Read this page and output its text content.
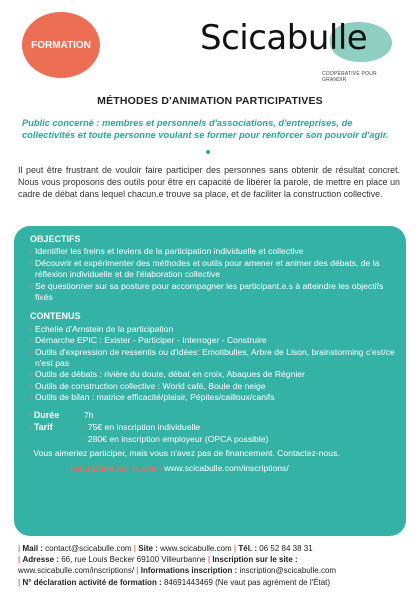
FORMATION	Scicabulle
COOPÉRATIVE POUR GRANDIR
MÉTHODES D'ANIMATION PARTICIPATIVES
Public concerné : membres et personnels d'associations, d'entreprises, de collectivités et toute personne voulant se former pour renforcer son pouvoir d'agir.
Il peut être frustrant de vouloir faire participer des personnes sans obtenir de résultat concret. Nous vous proposons des outils pour être en capacité de libérer la parole, de mettre en place un cadre de débat dans lequel chacun.e trouve sa place, et de faciliter la construction collective.
OBJECTIFS
• Identifier les freins et leviers de la participation individuelle et collective
• Découvrir et expérimenter des méthodes et outils pour amener et animer des débats, de la réflexion individuelle et de l'élaboration collective
• Se questionner sur sa posture pour accompagner les participant.e.s à atteindre les objectifs fixés
CONTENUS
• Echelle d'Arnstein de la participation
• Démarche EPIC : Exister - Participer - Interroger - Construire
• Outils d'expression de ressentis ou d'idées: Emotibulles, Arbre de Lison, brainstorming c'est/ce n'est pas
• Outils de débats : rivière du doute, débat en croix, Abaques de Régnier
• Outils de construction collective : World café, Boule de neige
• Outils de bilan : matrice efficacité/plaisir, Pépites/cailloux/canifs
•Durée	7h
•Tarif	•75€ en inscription individuelle
•280€ en inscription employeur (OPCA possible)
*Vous aimeriez participer, mais vous n'avez pas de financement. Contactez-nous.
Inscription sur le site : www.scicabulle.com/inscriptions/
| Mail : contact@scicabulle.com | Site : www.scicabulle.com | Tél. : 06 52 84 38 31
| Adresse : 66, rue Louis Becker 69100 Villeurbanne | Inscription sur le site : www.scicabulle.com/inscriptions/ | Informations inscription : inscription@scicabulle.com
| N° déclaration activité de formation : 84691443469 (Ne vaut pas agrément de l'État)
